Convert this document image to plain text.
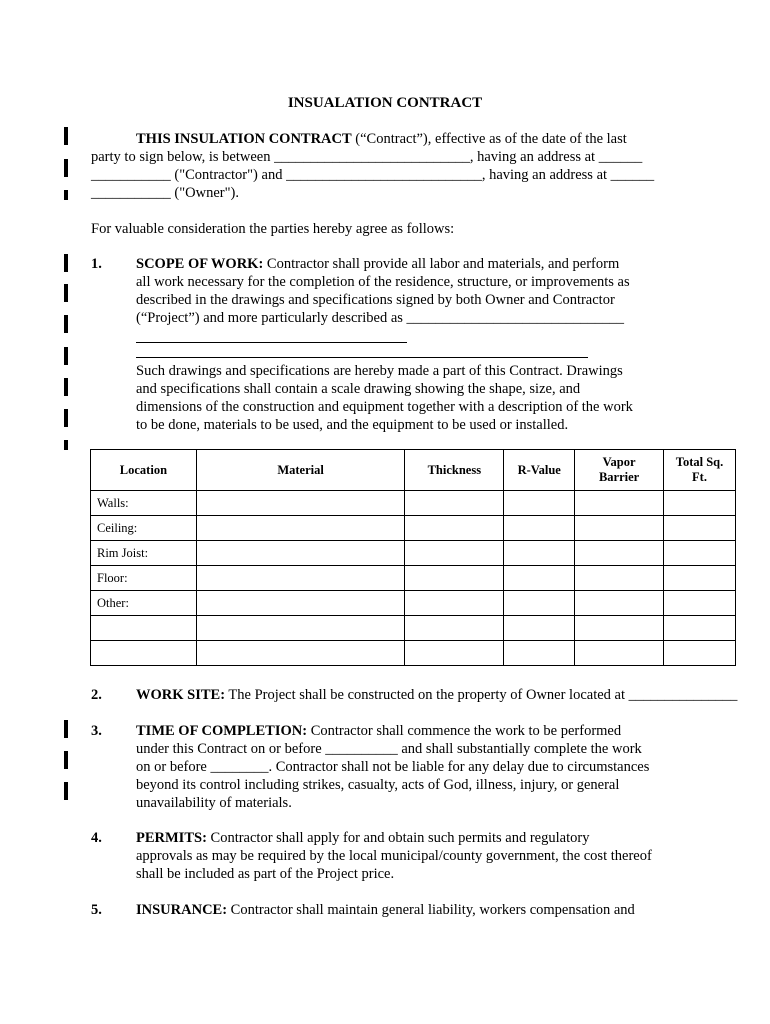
INSUALATION CONTRACT
THIS INSULATION CONTRACT (“Contract”), effective as of the date of the last
party to sign below, is between ___________________________, having an address at ______
___________ ("Contractor") and ___________________________, having an address at ______
___________ ("Owner").
For valuable consideration the parties hereby agree as follows:
1. SCOPE OF WORK: Contractor shall provide all labor and materials, and perform
all work necessary for the completion of the residence, structure, or improvements as
described in the drawings and specifications signed by both Owner and Contractor
(“Project”) and more particularly described as ______________________________
Such drawings and specifications are hereby made a part of this Contract. Drawings
and specifications shall contain a scale drawing showing the shape, size, and
dimensions of the construction and equipment together with a description of the work
to be done, materials to be used, and the equipment to be used or installed.
Location	Material	Thickness	R-Value	Vapor Barrier	Total Sq. Ft.
Walls:					
Ceiling:					
Rim Joist:					
Floor:					
Other:					

2. WORK SITE: The Project shall be constructed on the property of Owner located at _______________
3. TIME OF COMPLETION: Contractor shall commence the work to be performed
under this Contract on or before __________ and shall substantially complete the work
on or before ________. Contractor shall not be liable for any delay due to circumstances
beyond its control including strikes, casualty, acts of God, illness, injury, or general
unavailability of materials.
4. PERMITS: Contractor shall apply for and obtain such permits and regulatory
approvals as may be required by the local municipal/county government, the cost thereof
shall be included as part of the Project price.
5. INSURANCE: Contractor shall maintain general liability, workers compensation and
